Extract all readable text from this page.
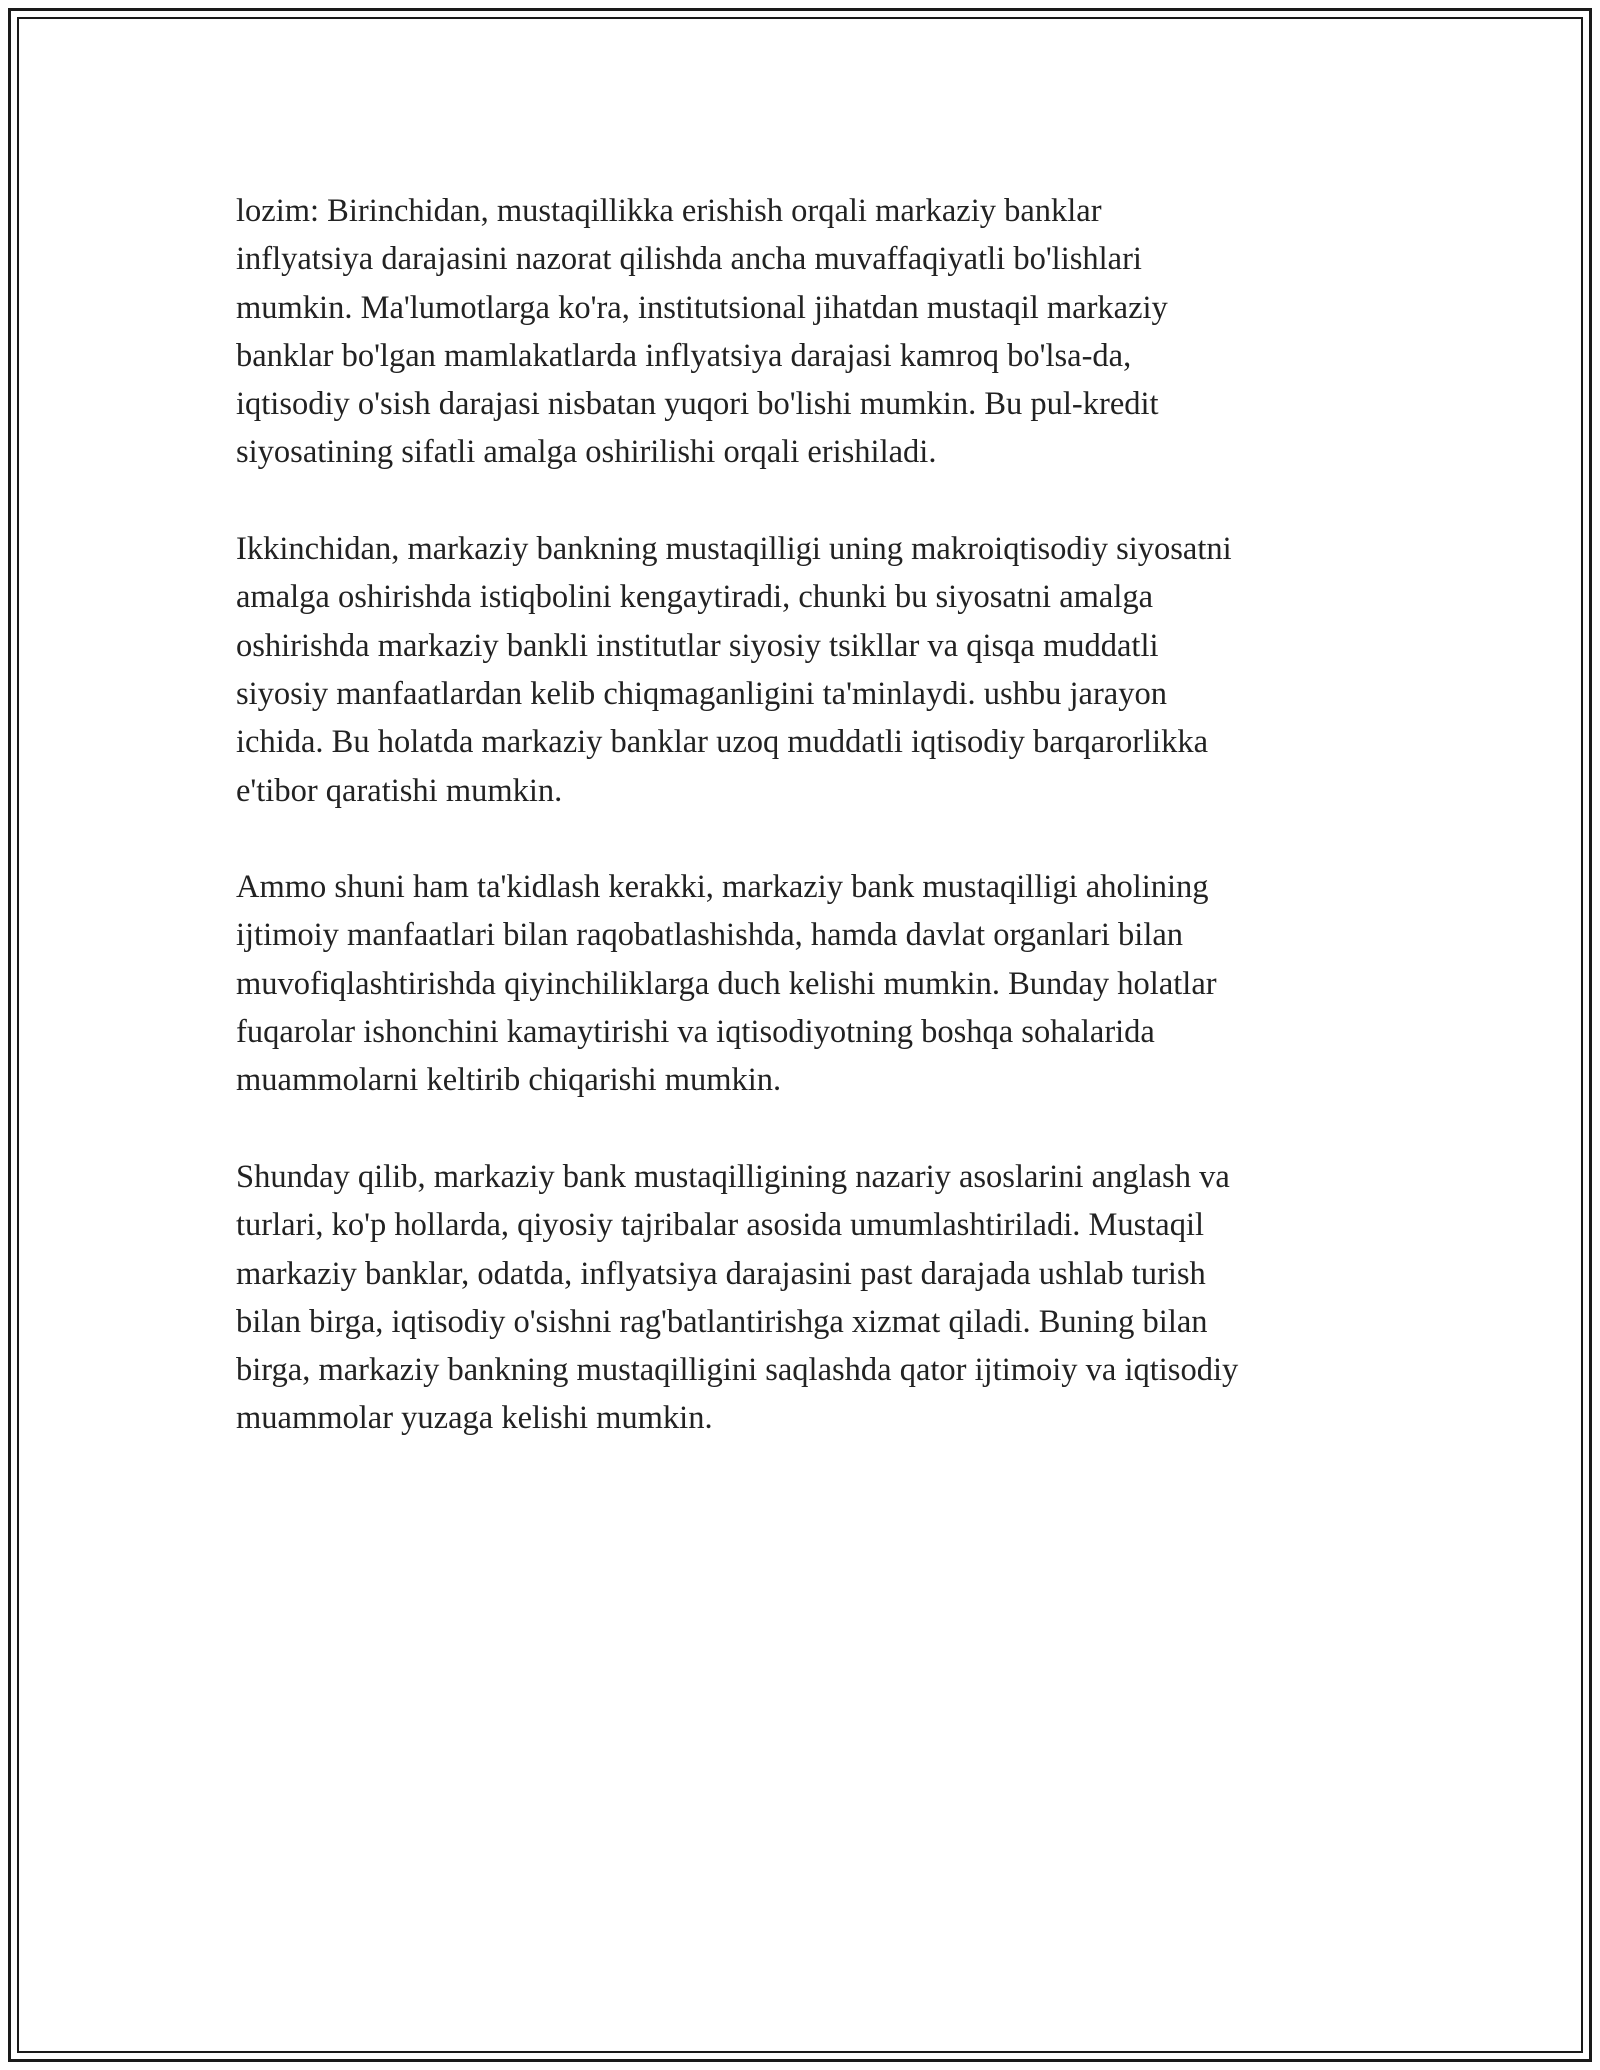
lozim: Birinchidan, mustaqillikka erishish orqali markaziy banklar
inflyatsiya darajasini nazorat qilishda ancha muvaffaqiyatli bo'lishlari
mumkin. Ma'lumotlarga ko'ra, institutsional jihatdan mustaqil markaziy
banklar bo'lgan mamlakatlarda inflyatsiya darajasi kamroq bo'lsa-da,
iqtisodiy o'sish darajasi nisbatan yuqori bo'lishi mumkin. Bu pul-kredit
siyosatining sifatli amalga oshirilishi orqali erishiladi.

Ikkinchidan, markaziy bankning mustaqilligi uning makroiqtisodiy siyosatni
amalga oshirishda istiqbolini kengaytiradi, chunki bu siyosatni amalga
oshirishda markaziy bankli institutlar siyosiy tsikllar va qisqa muddatli
siyosiy manfaatlardan kelib chiqmaganligini ta'minlaydi. ushbu jarayon
ichida. Bu holatda markaziy banklar uzoq muddatli iqtisodiy barqarorlikka
e'tibor qaratishi mumkin.

Ammo shuni ham ta'kidlash kerakki, markaziy bank mustaqilligi aholining
ijtimoiy manfaatlari bilan raqobatlashishda, hamda davlat organlari bilan
muvofiqlashtirishda qiyinchiliklarga duch kelishi mumkin. Bunday holatlar
fuqarolar ishonchini kamaytirishi va iqtisodiyotning boshqa sohalarida
muammolarni keltirib chiqarishi mumkin.

Shunday qilib, markaziy bank mustaqilligining nazariy asoslarini anglash va
turlari, ko'p hollarda, qiyosiy tajribalar asosida umumlashtiriladi. Mustaqil
markaziy banklar, odatda, inflyatsiya darajasini past darajada ushlab turish
bilan birga, iqtisodiy o'sishni rag'batlantirishga xizmat qiladi. Buning bilan
birga, markaziy bankning mustaqilligini saqlashda qator ijtimoiy va iqtisodiy
muammolar yuzaga kelishi mumkin.
